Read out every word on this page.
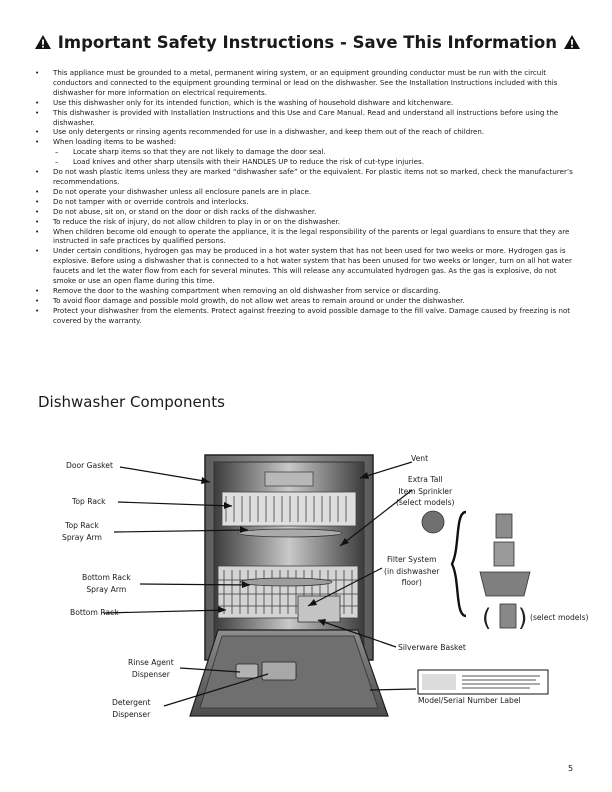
Important Safety Instructions - Save This Information
• This appliance must be grounded to a metal, permanent wiring system, or an equipment grounding conductor must be run with the circuit conductors and connected to the equipment grounding terminal or lead on the dishwasher. See the Installation Instructions included with this dishwasher for more information on electrical requirements.
• Use this dishwasher only for its intended function, which is the washing of household dishware and kitchenware.
• This dishwasher is provided with Installation Instructions and this Use and Care Manual. Read and understand all instructions before using the dishwasher.
• Use only detergents or rinsing agents recommended for use in a dishwasher, and keep them out of the reach of children.
• When loading items to be washed:
– Locate sharp items so that they are not likely to damage the door seal.
– Load knives and other sharp utensils with their HANDLES UP to reduce the risk of cut-type injuries.
• Do not wash plastic items unless they are marked “dishwasher safe” or the equivalent. For plastic items not so marked, check the manufacturer’s recommendations.
• Do not operate your dishwasher unless all enclosure panels are in place.
• Do not tamper with or override controls and interlocks.
• Do not abuse, sit on, or stand on the door or dish racks of the dishwasher.
• To reduce the risk of injury, do not allow children to play in or on the dishwasher.
• When children become old enough to operate the appliance, it is the legal responsibility of the parents or legal guardians to ensure that they are instructed in safe practices by qualified persons.
• Under certain conditions, hydrogen gas may be produced in a hot water system that has not been used for two weeks or more. Hydrogen gas is explosive. Before using a dishwasher that is connected to a hot water system that has been unused for two weeks or longer, turn on all hot water faucets and let the water flow from each for several minutes. This will release any accumulated hydrogen gas. As the gas is explosive, do not smoke or use an open flame during this time.
• Remove the door to the washing compartment when removing an old dishwasher from service or discarding.
• To avoid floor damage and possible mold growth, do not allow wet areas to remain around or under the dishwasher.
• Protect your dishwasher from the elements. Protect against freezing to avoid possible damage to the fill valve. Damage caused by freezing is not covered by the warranty.
Dishwasher Components
( )
Door Gasket
Top Rack
Top Rack
Spray Arm
Bottom Rack
Spray Arm
Bottom Rack
Rinse Agent
Dispenser
Detergent
Dispenser
Vent
Extra Tall
Item Sprinkler
(select models)
Filter System
(in dishwasher
floor)
(select models)
Silverware Basket
Model/Serial Number Label
5
